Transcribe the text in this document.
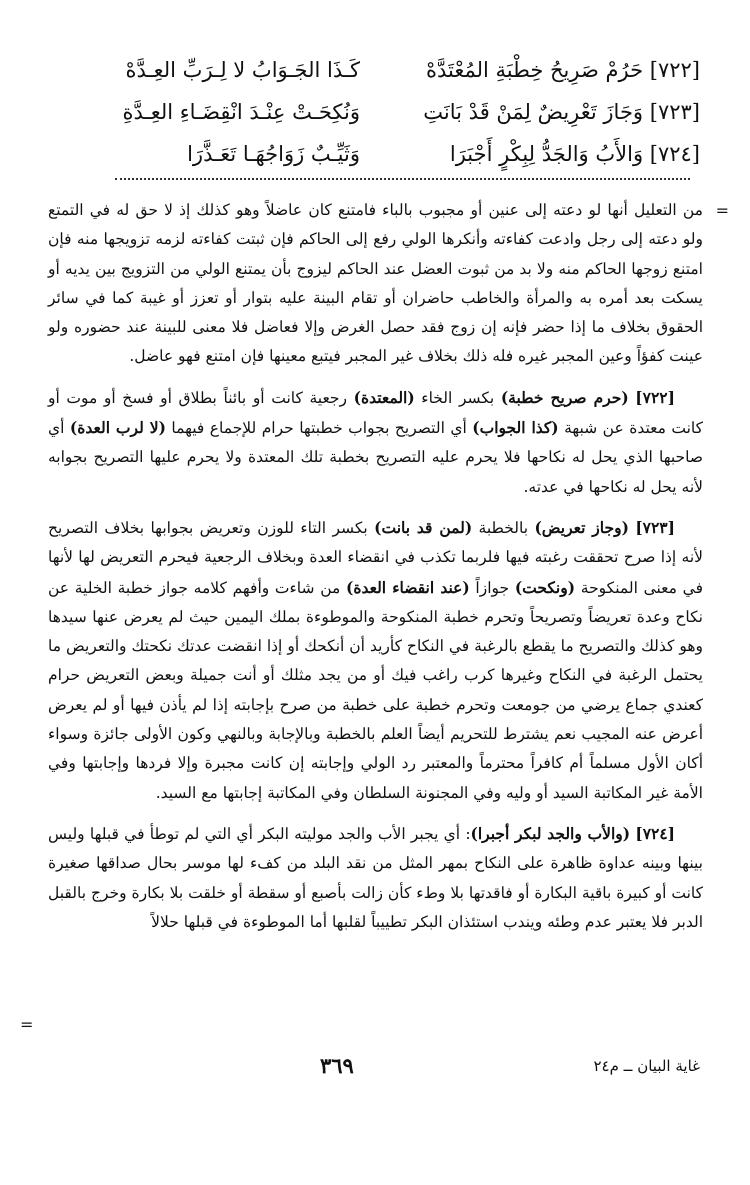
[٧٢٢] حَرُمْ صَرِيحُ خِطْبَةِ المُعْتَدَّهْ
كَـذَا الجَـوَابُ لا لِـرَبِّ العِـدَّهْ
[٧٢٣] وَجَازَ تَعْرِيضٌ لِمَنْ قَدْ بَانَتِ
وَنُكِحَـتْ عِنْـدَ انْقِضَـاءِ العِـدَّةِ
[٧٢٤] وَالأَبُ وَالجَدُّ لِبِكْرٍ أَجْبَرَا
وَثَيِّـبٌ زَوَاجُهَـا تَعَـذَّرَا
=

من التعليل أنها لو دعته إلى عنين أو مجبوب بالباء فامتنع كان عاضلاً وهو كذلك إذ لا حق له في التمتع ولو دعته إلى رجل وادعت كفاءته وأنكرها الولي رفع إلى الحاكم فإن ثبتت كفاءته لزمه تزويجها منه فإن امتنع زوجها الحاكم منه ولا بد من ثبوت العضل عند الحاكم ليزوج بأن يمتنع الولي من التزويج بين يديه أو يسكت بعد أمره به والمرأة والخاطب حاضران أو تقام البينة عليه بتوار أو تعزز أو غيبة كما في سائر الحقوق بخلاف ما إذا حضر فإنه إن زوج فقد حصل الغرض وإلا فعاضل فلا معنى للبينة عند حضوره ولو عينت كفؤاً وعين المجبر غيره فله ذلك بخلاف غير المجبر فيتبع معينها فإن امتنع فهو عاضل.

[٧٢٢] (حرم صريح خطبة) بكسر الخاء (المعتدة) رجعية كانت أو بائناً بطلاق أو فسخ أو موت أو كانت معتدة عن شبهة (كذا الجواب) أي التصريح بجواب خطبتها حرام للإجماع فيهما (لا لرب العدة) أي صاحبها الذي يحل له نكاحها فلا يحرم عليه التصريح بخطبة تلك المعتدة ولا يحرم عليها التصريح بجوابه لأنه يحل له نكاحها في عدته.

[٧٢٣] (وجاز تعريض) بالخطبة (لمن قد بانت) بكسر التاء للوزن وتعريض بجوابها بخلاف التصريح لأنه إذا صرح تحققت رغبته فيها فلربما تكذب في انقضاء العدة وبخلاف الرجعية فيحرم التعريض لها لأنها في معنى المنكوحة (ونكحت) جوازاً (عند انقضاء العدة) من شاءت وأفهم كلامه جواز خطبة الخلية عن نكاح وعدة تعريضاً وتصريحاً وتحرم خطبة المنكوحة والموطوءة بملك اليمين حيث لم يعرض عنها سيدها وهو كذلك والتصريح ما يقطع بالرغبة في النكاح كأريد أن أنكحك أو إذا انقضت عدتك نكحتك والتعريض ما يحتمل الرغبة في النكاح وغيرها كرب راغب فيك أو من يجد مثلك أو أنت جميلة وبعض التعريض حرام كعندي جماع يرضي من جومعت وتحرم خطبة على خطبة من صرح بإجابته إذا لم يأذن فيها أو لم يعرض أعرض عنه المجيب نعم يشترط للتحريم أيضاً العلم بالخطبة وبالإجابة وبالنهي وكون الأولى جائزة وسواء أكان الأول مسلماً أم كافراً محترماً والمعتبر رد الولي وإجابته إن كانت مجبرة وإلا فردها وإجابتها وفي الأمة غير المكاتبة السيد أو وليه وفي المجنونة السلطان وفي المكاتبة إجابتها مع السيد.

[٧٢٤] (والأب والجد لبكر أجبرا): أي يجبر الأب والجد موليته البكر أي التي لم توطأ في قبلها وليس بينها وبينه عداوة ظاهرة على النكاح بمهر المثل من نقد البلد من كفء لها موسر بحال صداقها صغيرة كانت أو كبيرة باقية البكارة أو فاقدتها بلا وطء كأن زالت بأصبع أو سقطة أو خلقت بلا بكارة وخرج بالقبل الدبر فلا يعتبر عدم وطئه ويندب استئذان البكر تطييباً لقلبها أما الموطوءة في قبلها حلالاً

=
غاية البيان ــ م٢٤
٣٦٩
